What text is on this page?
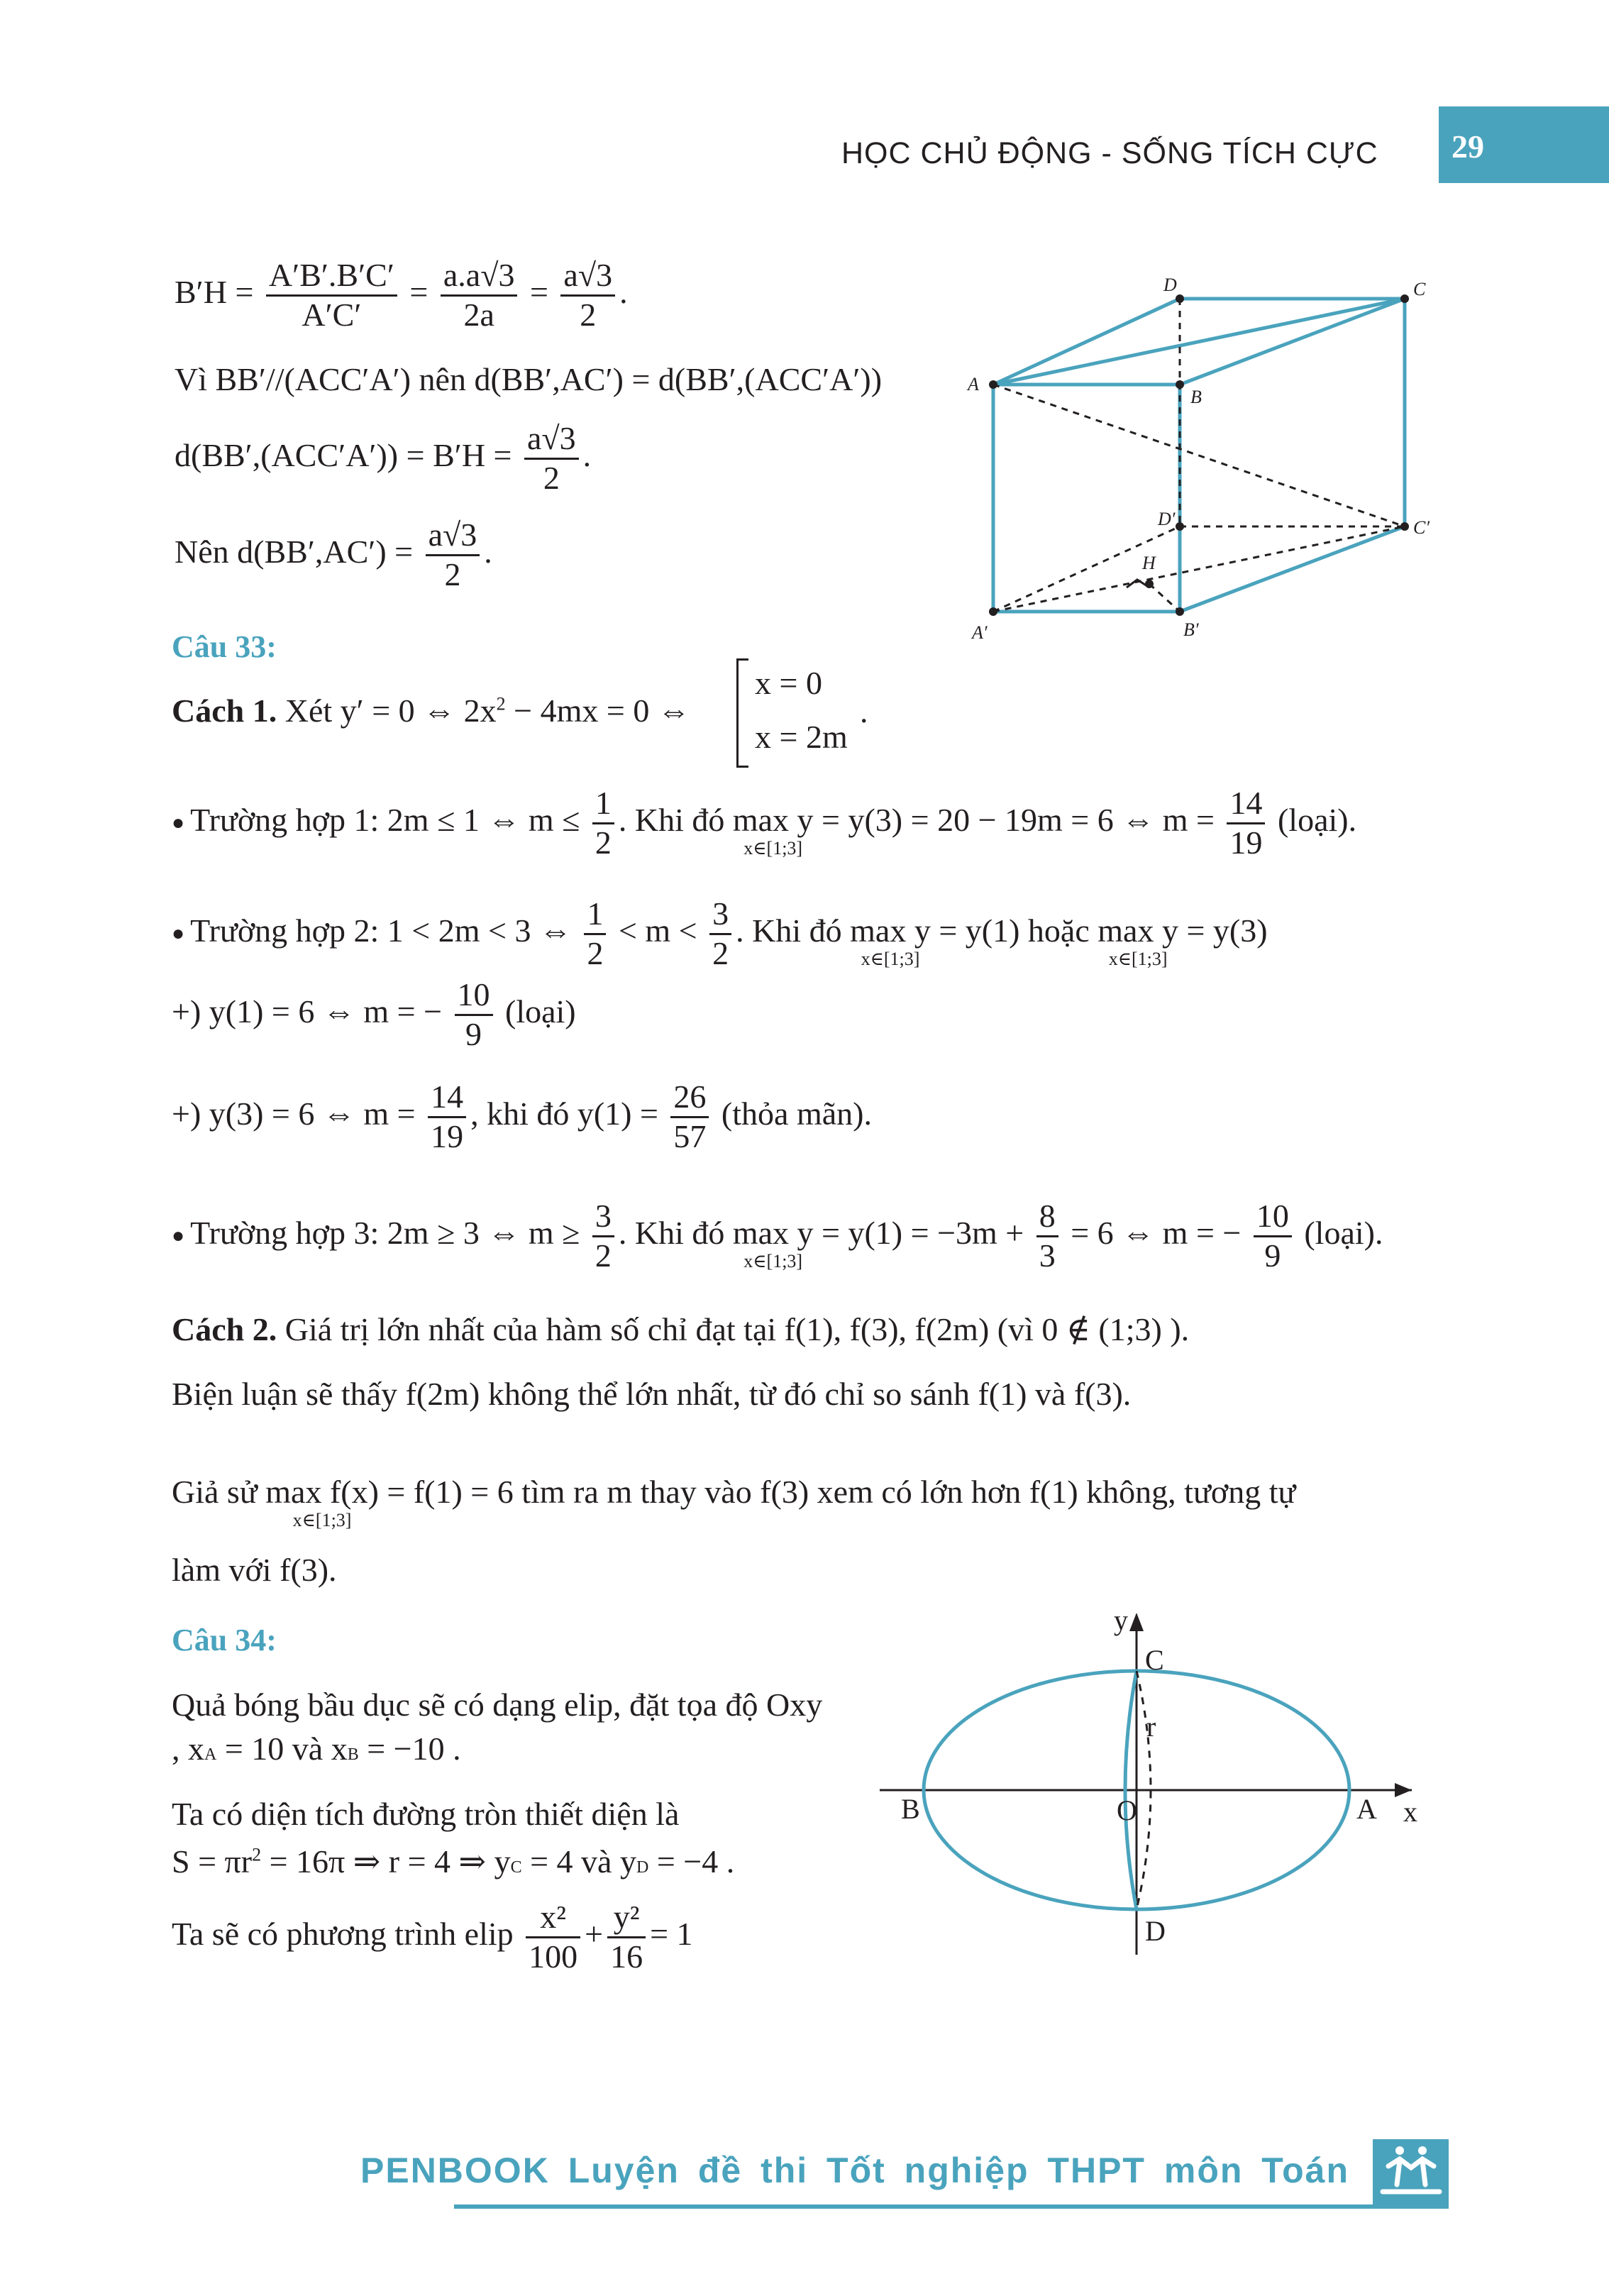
HỌC CHỦ ĐỘNG - SỐNG TÍCH CỰC 29
$B'H = \frac{A'B'.B'C'}{A'C'} = \frac{a.a√3}{2a} = \frac{a√3}{2}$ .
Vì BB′//(ACC′A′) nên d(BB′,AC′) = d(BB′,(ACC′A′))
$d(BB',(ACC'A')) = B'H = \frac{a√3}{2}$ .
Nên $d(BB',AC') = \frac{a√3}{2}$ .
A
B
C
D
A′	B′
C′
D′
H
Câu 33:
Cách 1. Xét y′ = 0 ⇔ $2x^2 - 4mx = 0$ ⇔
x = 0
x = 2m
.
● Trường hợp 1: 2m ≤ 1 ⇔ $m \le \frac{1}{2}$ . Khi đó max y
x∈[1;3]
= y(3) = 20 − 19m = 6 ⇔ $m = \frac{14}{19}$ (loại).
● Trường hợp 2: 1 < 2m < 3 ⇔ $\frac{1}{2} < m < \frac{3}{2}$ . Khi đó max y
x∈[1;3]
= y(1) hoặc max y
x∈[1;3]
= y(3)
+) y(1) = 6 ⇔ m = − $\frac{10}{9}$ (loại)
+) y(3) = 6 ⇔ $m = \frac{14}{19}$ , khi đó $y(1) = \frac{26}{57}$ (thỏa mãn).
● Trường hợp 3: 2m ≥ 3 ⇔ $m \ge \frac{3}{2}$ . Khi đó max y
x∈[1;3]
= $y(1) = -3m + \frac{8}{3} = 6$ ⇔ m = − $\frac{10}{9}$ (loại).
Cách 2. Giá trị lớn nhất của hàm số chỉ đạt tại f(1), f(3), f(2m) (vì 0 ∉ (1;3) ).
Biện luận sẽ thấy f(2m) không thể lớn nhất, từ đó chỉ so sánh f(1) và f(3).
Giả sử max f(x)
x∈[1;3]
= f(1) = 6 tìm ra m thay vào f(3) xem có lớn hơn f(1) không, tương tự
làm với f(3).
Câu 34:
Quả bóng bầu dục sẽ có dạng elip, đặt tọa độ Oxy
, xA = 10 và xB = −10 .
Ta có diện tích đường tròn thiết diện là
$S = \pi r^2 = 16\pi$ ⇒ r = 4 ⇒ yC = 4 và yD = −4 .
Ta sẽ có phương trình elip $\frac{\text{x²}}{100} + \frac{\text{y²}}{16} = 1$
y
x
C
r
B	O	A
D
PENBOOK Luyện đề thi Tốt nghiệp THPT môn Toán
